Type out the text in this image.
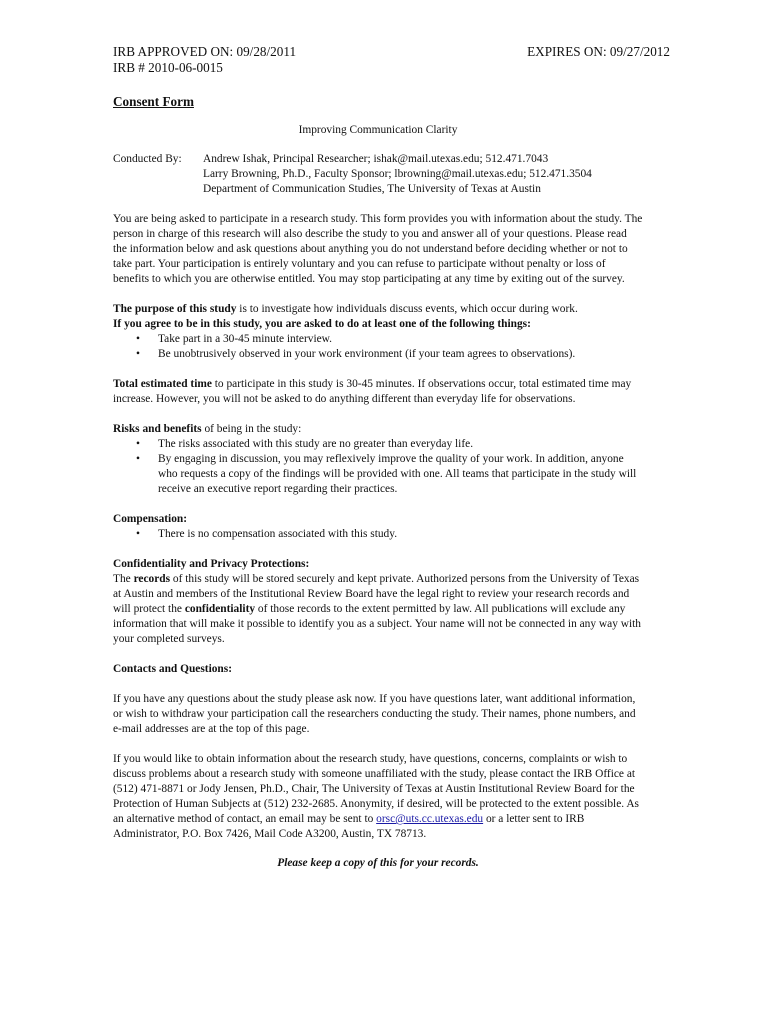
IRB APPROVED ON: 09/28/2011	EXPIRES ON: 09/27/2012
IRB # 2010-06-0015
Consent Form
Improving Communication Clarity
Conducted By:	Andrew Ishak, Principal Researcher; ishak@mail.utexas.edu; 512.471.7043
Larry Browning, Ph.D., Faculty Sponsor; lbrowning@mail.utexas.edu; 512.471.3504
Department of Communication Studies, The University of Texas at Austin

You are being asked to participate in a research study. This form provides you with information about the study. The person in charge of this research will also describe the study to you and answer all of your questions. Please read the information below and ask questions about anything you do not understand before deciding whether or not to take part. Your participation is entirely voluntary and you can refuse to participate without penalty or loss of benefits to which you are otherwise entitled. You may stop participating at any time by exiting out of the survey.

The purpose of this study is to investigate how individuals discuss events, which occur during work.

If you agree to be in this study, you are asked to do at least one of the following things:

• Take part in a 30-45 minute interview.
• Be unobtrusively observed in your work environment (if your team agrees to observations).

Total estimated time to participate in this study is 30-45 minutes. If observations occur, total estimated time may increase. However, you will not be asked to do anything different than everyday life for observations.

Risks and benefits of being in the study:

• The risks associated with this study are no greater than everyday life.
• By engaging in discussion, you may reflexively improve the quality of your work. In addition, anyone who requests a copy of the findings will be provided with one. All teams that participate in the study will receive an executive report regarding their practices.

Compensation:

• There is no compensation associated with this study.

Confidentiality and Privacy Protections:

The records of this study will be stored securely and kept private. Authorized persons from the University of Texas at Austin and members of the Institutional Review Board have the legal right to review your research records and will protect the confidentiality of those records to the extent permitted by law. All publications will exclude any information that will make it possible to identify you as a subject. Your name will not be connected in any way with your completed surveys.

Contacts and Questions:

If you have any questions about the study please ask now. If you have questions later, want additional information, or wish to withdraw your participation call the researchers conducting the study. Their names, phone numbers, and e-mail addresses are at the top of this page.

If you would like to obtain information about the research study, have questions, concerns, complaints or wish to discuss problems about a research study with someone unaffiliated with the study, please contact the IRB Office at (512) 471-8871 or Jody Jensen, Ph.D., Chair, The University of Texas at Austin Institutional Review Board for the Protection of Human Subjects at (512) 232-2685. Anonymity, if desired, will be protected to the extent possible. As an alternative method of contact, an email may be sent to orsc@uts.cc.utexas.edu or a letter sent to IRB Administrator, P.O. Box 7426, Mail Code A3200, Austin, TX 78713.

Please keep a copy of this for your records.
